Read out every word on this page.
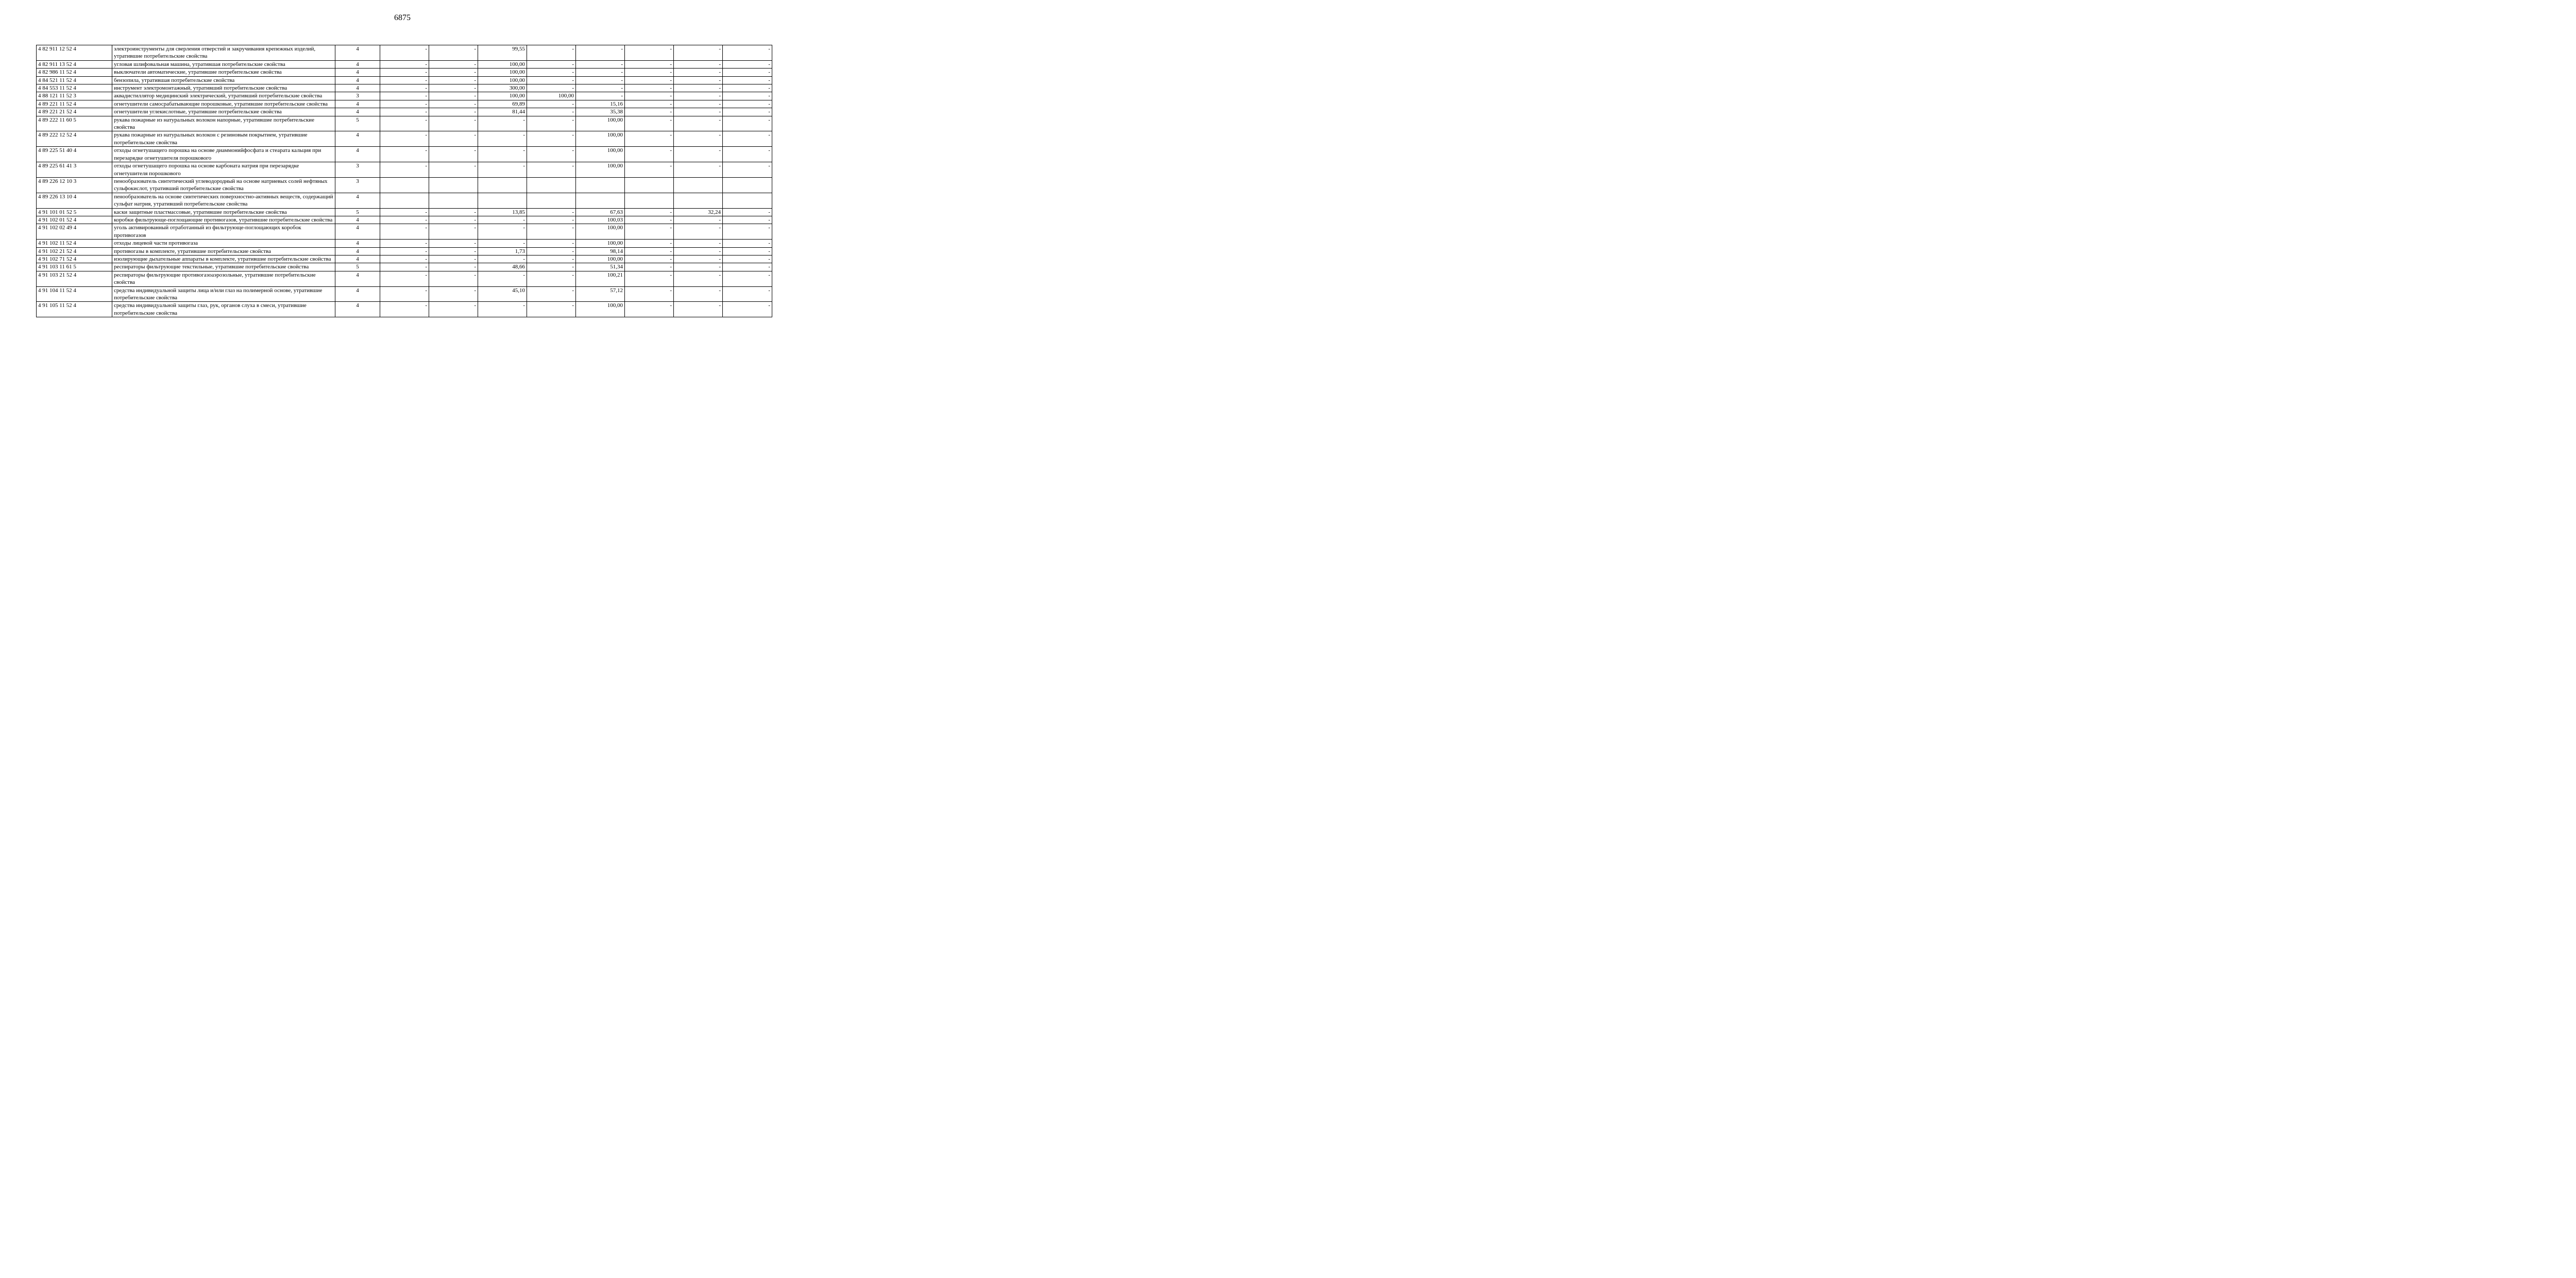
6875
4 82 911 12 52 4	электроинструменты для сверления отверстий и закручивания крепежных изделий, утратившие потребительские свойства	4	-	-	99,55	-	-	-	-	-
4 82 911 13 52 4	угловая шлифовальная машина, утратившая потребительские свойства	4	-	-	100,00	-	-	-	-	-
4 82 986 11 52 4	выключатели автоматические, утратившие потребительские свойства	4	-	-	100,00	-	-	-	-	-
4 84 521 11 52 4	бензопила, утратившая потребительские свойства	4	-	-	100,00	-	-	-	-	-
4 84 553 11 52 4	инструмент электромонтажный, утративший потребительские свойства	4	-	-	300,00	-	-	-	-	-
4 88 121 11 52 3	аквадистиллятор медицинский электрический, утративший потребительские свойства	3	-	-	100,00	100,00	-	-	-	-
4 89 221 11 52 4	огнетушители самосрабатывающие порошковые, утратившие потребительские свойства	4	-	-	69,89	-	15,16	-	-	-
4 89 221 21 52 4	огнетушители углекислотные, утратившие потребительские свойства	4	-	-	81,44	-	35,38	-	-	-
4 89 222 11 60 5	рукава пожарные из натуральных волокон напорные, утратившие потребительские свойства	5	-	-	-	-	100,00	-	-	-
4 89 222 12 52 4	рукава пожарные из натуральных волокон с резиновым покрытием, утратившие потребительские свойства	4	-	-	-	-	100,00	-	-	-
4 89 225 51 40 4	отходы огнетушащего порошка на основе диаммонийфосфата и стеарата кальция при перезарядке огнетушителя порошкового	4	-	-	-	-	100,00	-	-	-
4 89 225 61 41 3	отходы огнетушащего порошка на основе карбоната натрия при перезарядке огнетушителя порошкового	3	-	-	-	-	100,00	-	-	-
4 89 226 12 10 3	пенообразователь синтетический углеводородный на основе натриевых солей нефтяных сульфокислот, утративший потребительские свойства	3								
4 89 226 13 10 4	пенообразователь на основе синтетических поверхностно-активных веществ, содержащий сульфат натрия, утративший потребительские свойства	4								
4 91 101 01 52 5	каски защитные пластмассовые, утратившие потребительские свойства	5	-	-	13,85	-	67,63	-	32,24	-
4 91 102 01 52 4	коробки фильтрующе-поглощающие противогазов, утратившие потребительские свойства	4	-	-	-	-	100,03	-	-	-
4 91 102 02 49 4	уголь активированный отработанный из фильтрующе-поглощающих коробок противогазов	4	-	-	-	-	100,00	-	-	-
4 91 102 11 52 4	отходы лицевой части противогаза	4	-	-	-	-	100,00	-	-	-
4 91 102 21 52 4	противогазы в комплекте, утратившие потребительские свойства	4	-	-	1,73	-	98,14	-	-	-
4 91 102 71 52 4	изолирующие дыхательные аппараты в комплекте, утратившие потребительские свойства	4	-	-	-	-	100,00	-	-	-
4 91 103 11 61 5	респираторы фильтрующие текстильные, утратившие потребительские свойства	5	-	-	48,66	-	51,34	-	-	-
4 91 103 21 52 4	респираторы фильтрующие противогазоаэрозольные, утратившие потребительские свойства	4	-	-	-	-	100,21	-	-	-
4 91 104 11 52 4	средства индивидуальной защиты лица и/или глаз на полимерной основе, утратившие потребительские свойства	4	-	-	45,10	-	57,12	-	-	-
4 91 105 11 52 4	средства индивидуальной защиты глаз, рук, органов слуха в смеси, утратившие потребительские свойства	4	-	-	-	-	100,00	-	-	-
